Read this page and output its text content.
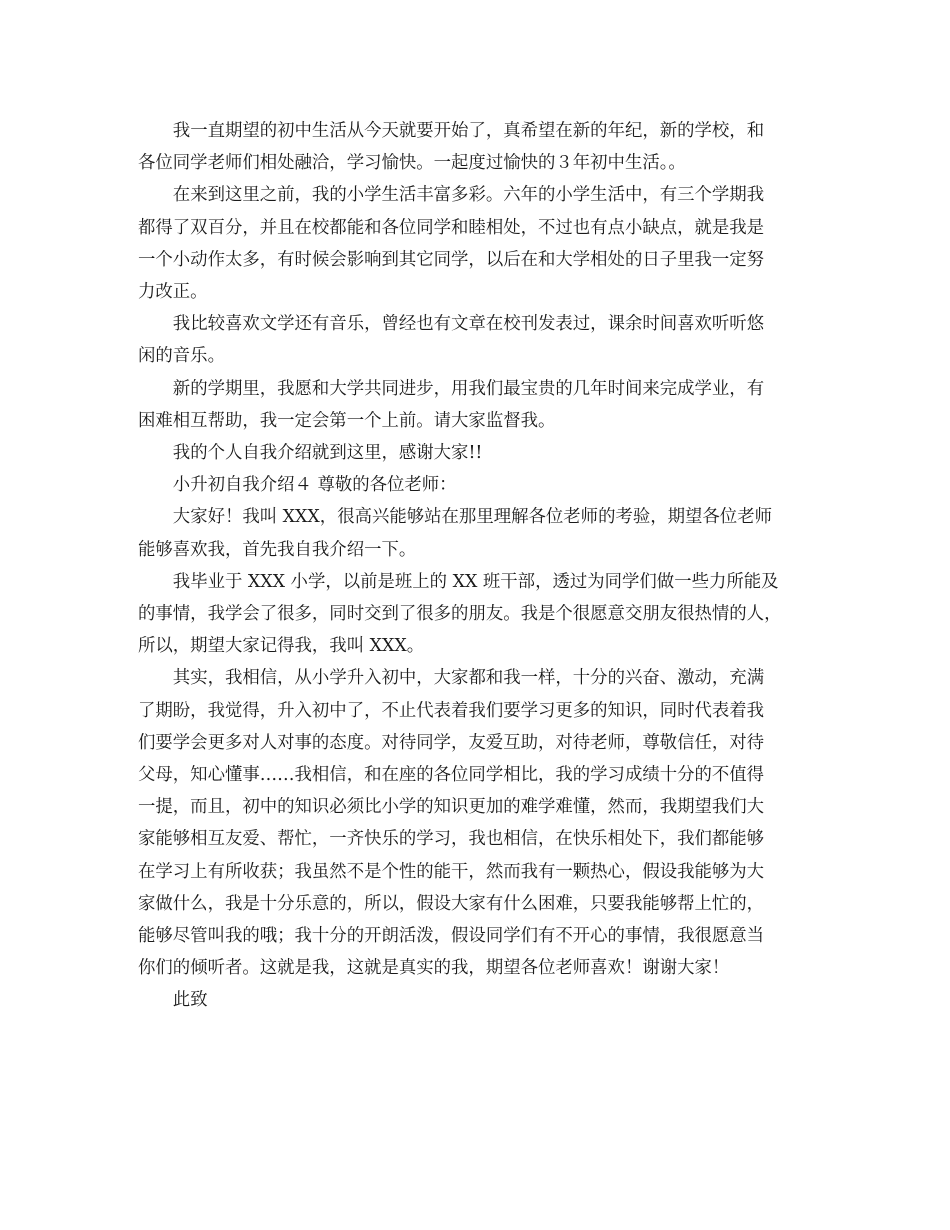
我一直期望的初中生活从今天就要开始了，真希望在新的年纪，新的学校，和
各位同学老师们相处融洽，学习愉快。一起度过愉快的３年初中生活。。
在来到这里之前，我的小学生活丰富多彩。六年的小学生活中，有三个学期我
都得了双百分，并且在校都能和各位同学和睦相处，不过也有点小缺点，就是我是
一个小动作太多，有时候会影响到其它同学，以后在和大学相处的日子里我一定努
力改正。
我比较喜欢文学还有音乐，曾经也有文章在校刊发表过，课余时间喜欢听听悠
闲的音乐。
新的学期里，我愿和大学共同进步，用我们最宝贵的几年时间来完成学业，有
困难相互帮助，我一定会第一个上前。请大家监督我。
我的个人自我介绍就到这里，感谢大家!!
小升初自我介绍４ 尊敬的各位老师：
大家好！我叫 XXX，很高兴能够站在那里理解各位老师的考验，期望各位老师
能够喜欢我，首先我自我介绍一下。
我毕业于 XXX 小学，以前是班上的 XX 班干部，透过为同学们做一些力所能及
的事情，我学会了很多，同时交到了很多的朋友。我是个很愿意交朋友很热情的人，
所以，期望大家记得我，我叫 XXX。
其实，我相信，从小学升入初中，大家都和我一样，十分的兴奋、激动，充满
了期盼，我觉得，升入初中了，不止代表着我们要学习更多的知识，同时代表着我
们要学会更多对人对事的态度。对待同学，友爱互助，对待老师，尊敬信任，对待
父母，知心懂事……我相信，和在座的各位同学相比，我的学习成绩十分的不值得
一提，而且，初中的知识必须比小学的知识更加的难学难懂，然而，我期望我们大
家能够相互友爱、帮忙，一齐快乐的学习，我也相信，在快乐相处下，我们都能够
在学习上有所收获；我虽然不是个性的能干，然而我有一颗热心，假设我能够为大
家做什么，我是十分乐意的，所以，假设大家有什么困难，只要我能够帮上忙的，
能够尽管叫我的哦；我十分的开朗活泼，假设同学们有不开心的事情，我很愿意当
你们的倾听者。这就是我，这就是真实的我，期望各位老师喜欢！谢谢大家！
此致
